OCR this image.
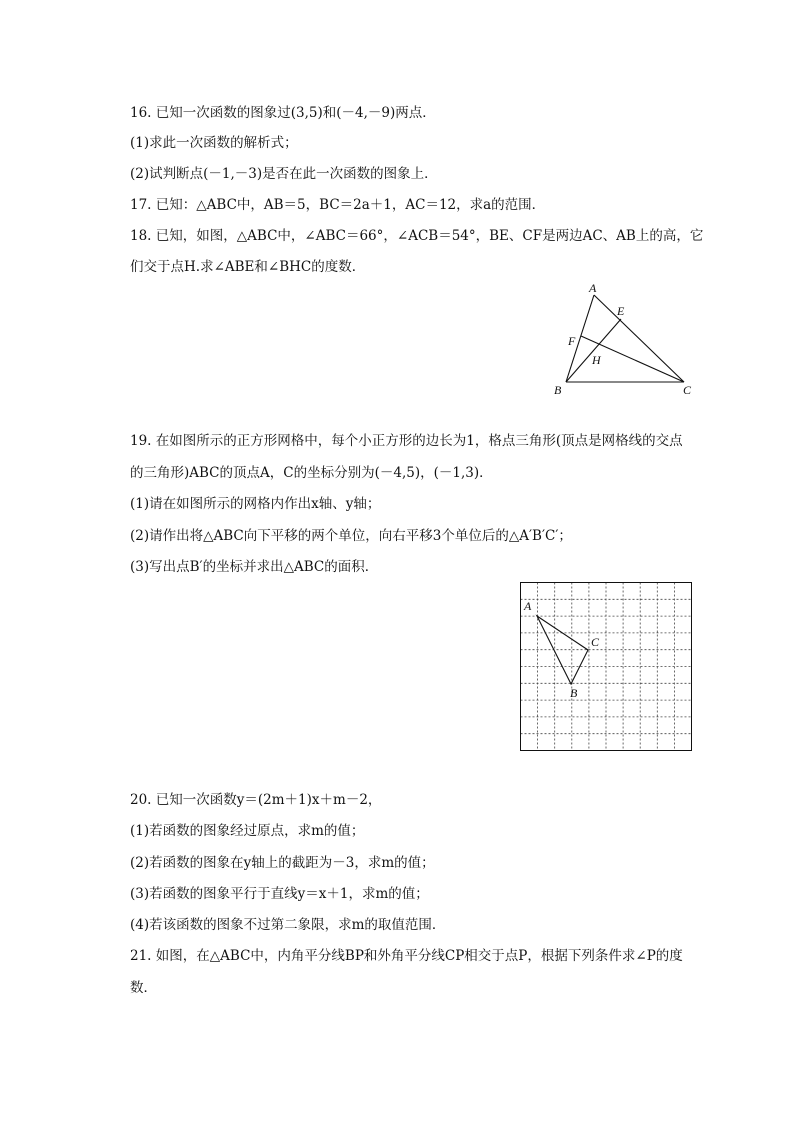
16. 已知一次函数的图象过(3,5)和(－4,－9)两点．
(1)求此一次函数的解析式；
(2)试判断点(－1,－3)是否在此一次函数的图象上．
17. 已知：△ABC中，AB＝5，BC＝2a＋1，AC＝12，求a的范围．
18. 已知，如图，△ABC中，∠ABC＝66°，∠ACB＝54°，BE、CF是两边AC、AB上的高，它
们交于点H.求∠ABE和∠BHC的度数．
A
E
F
H
B	C
19. 在如图所示的正方形网格中，每个小正方形的边长为1，格点三角形(顶点是网格线的交点
的三角形)ABC的顶点A，C的坐标分别为(－4,5)，(－1,3)．
(1)请在如图所示的网格内作出x轴、y轴；
(2)请作出将△ABC向下平移的两个单位，向右平移3个单位后的△A′B′C′；
(3)写出点B′的坐标并求出△ABC的面积．
A
C
B
20. 已知一次函数y＝(2m＋1)x＋m－2，
(1)若函数的图象经过原点，求m的值；
(2)若函数的图象在y轴上的截距为－3，求m的值；
(3)若函数的图象平行于直线y＝x＋1，求m的值；
(4)若该函数的图象不过第二象限，求m的取值范围．
21. 如图，在△ABC中，内角平分线BP和外角平分线CP相交于点P，根据下列条件求∠P的度
数．
